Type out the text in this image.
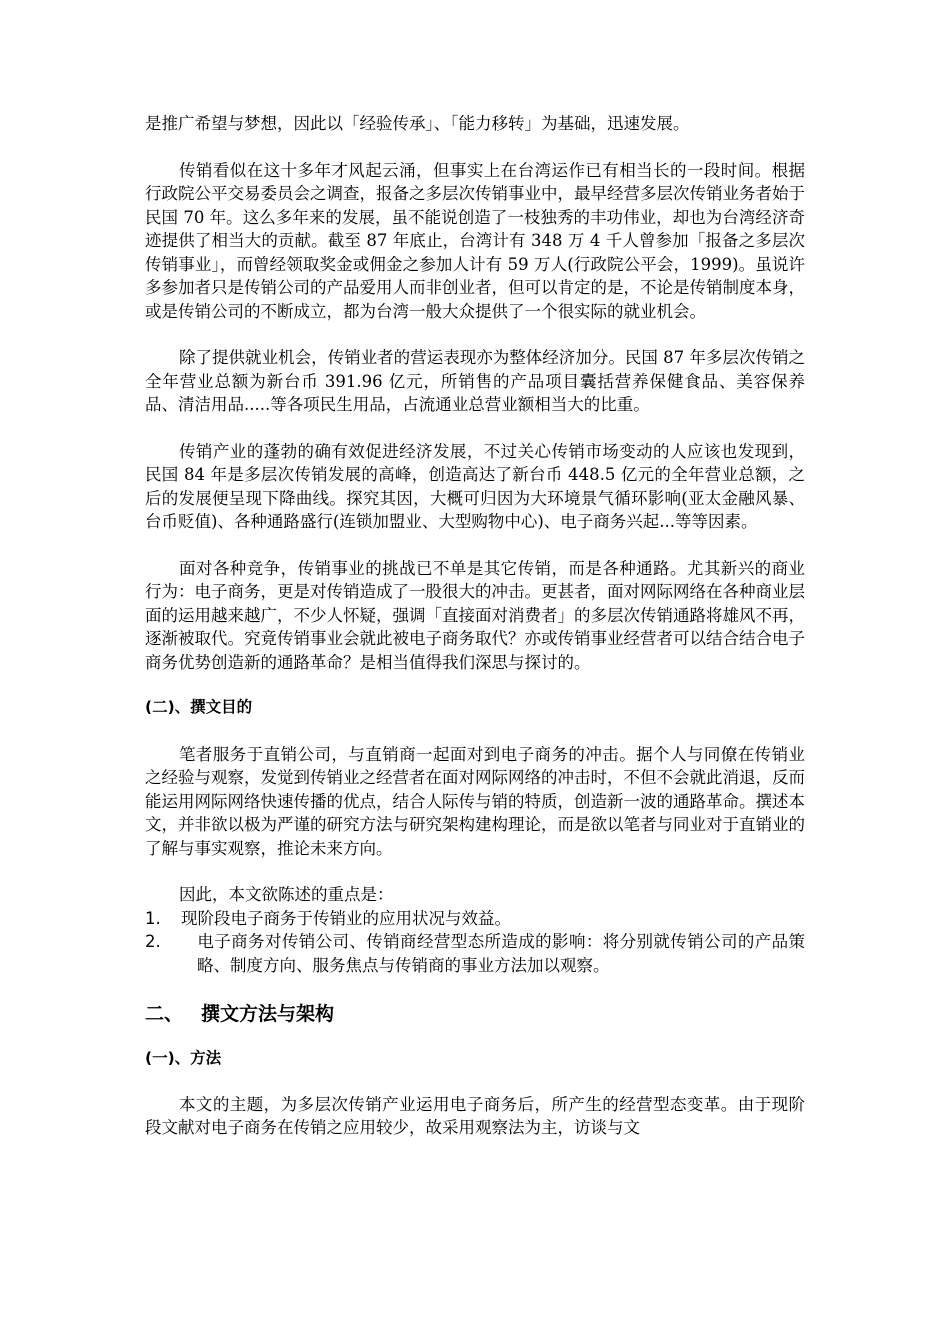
是推广希望与梦想，因此以「经验传承」、「能力移转」为基础，迅速发展。

传销看似在这十多年才风起云涌，但事实上在台湾运作已有相当长的一段时间。根据行政院公平交易委员会之调查，报备之多层次传销事业中，最早经营多层次传销业务者始于民国 70 年。这么多年来的发展，虽不能说创造了一枝独秀的丰功伟业，却也为台湾经济奇迹提供了相当大的贡献。截至 87 年底止，台湾计有 348 万 4 千人曾参加「报备之多层次传销事业」，而曾经领取奖金或佣金之参加人计有 59 万人(行政院公平会，1999)。虽说许多参加者只是传销公司的产品爱用人而非创业者，但可以肯定的是，不论是传销制度本身，或是传销公司的不断成立，都为台湾一般大众提供了一个很实际的就业机会。

除了提供就业机会，传销业者的营运表现亦为整体经济加分。民国 87 年多层次传销之全年营业总额为新台币 391.96 亿元，所销售的产品项目囊括营养保健食品、美容保养品、清洁用品.....等各项民生用品，占流通业总营业额相当大的比重。

传销产业的蓬勃的确有效促进经济发展，不过关心传销市场变动的人应该也发现到，民国 84 年是多层次传销发展的高峰，创造高达了新台币 448.5 亿元的全年营业总额，之后的发展便呈现下降曲线。探究其因，大概可归因为大环境景气循环影响(亚太金融风暴、台币贬值)、各种通路盛行(连锁加盟业、大型购物中心)、电子商务兴起...等等因素。

面对各种竞争，传销事业的挑战已不单是其它传销，而是各种通路。尤其新兴的商业行为：电子商务，更是对传销造成了一股很大的冲击。更甚者，面对网际网络在各种商业层面的运用越来越广，不少人怀疑，强调「直接面对消费者」的多层次传销通路将雄风不再，逐渐被取代。究竟传销事业会就此被电子商务取代？亦或传销事业经营者可以结合结合电子商务优势创造新的通路革命？是相当值得我们深思与探讨的。

(二)、撰文目的

笔者服务于直销公司，与直销商一起面对到电子商务的冲击。据个人与同僚在传销业之经验与观察，发觉到传销业之经营者在面对网际网络的冲击时，不但不会就此消退，反而能运用网际网络快速传播的优点，结合人际传与销的特质，创造新一波的通路革命。撰述本文，并非欲以极为严谨的研究方法与研究架构建构理论，而是欲以笔者与同业对于直销业的了解与事实观察，推论未来方向。

因此，本文欲陈述的重点是：

1. 现阶段电子商务于传销业的应用状况与效益。
2. 电子商务对传销公司、传销商经营型态所造成的影响：将分别就传销公司的产品策略、制度方向、服务焦点与传销商的事业方法加以观察。
二、 撰文方法与架构
(一)、方法

本文的主题，为多层次传销产业运用电子商务后，所产生的经营型态变革。由于现阶段文献对电子商务在传销之应用较少，故采用观察法为主，访谈与文
